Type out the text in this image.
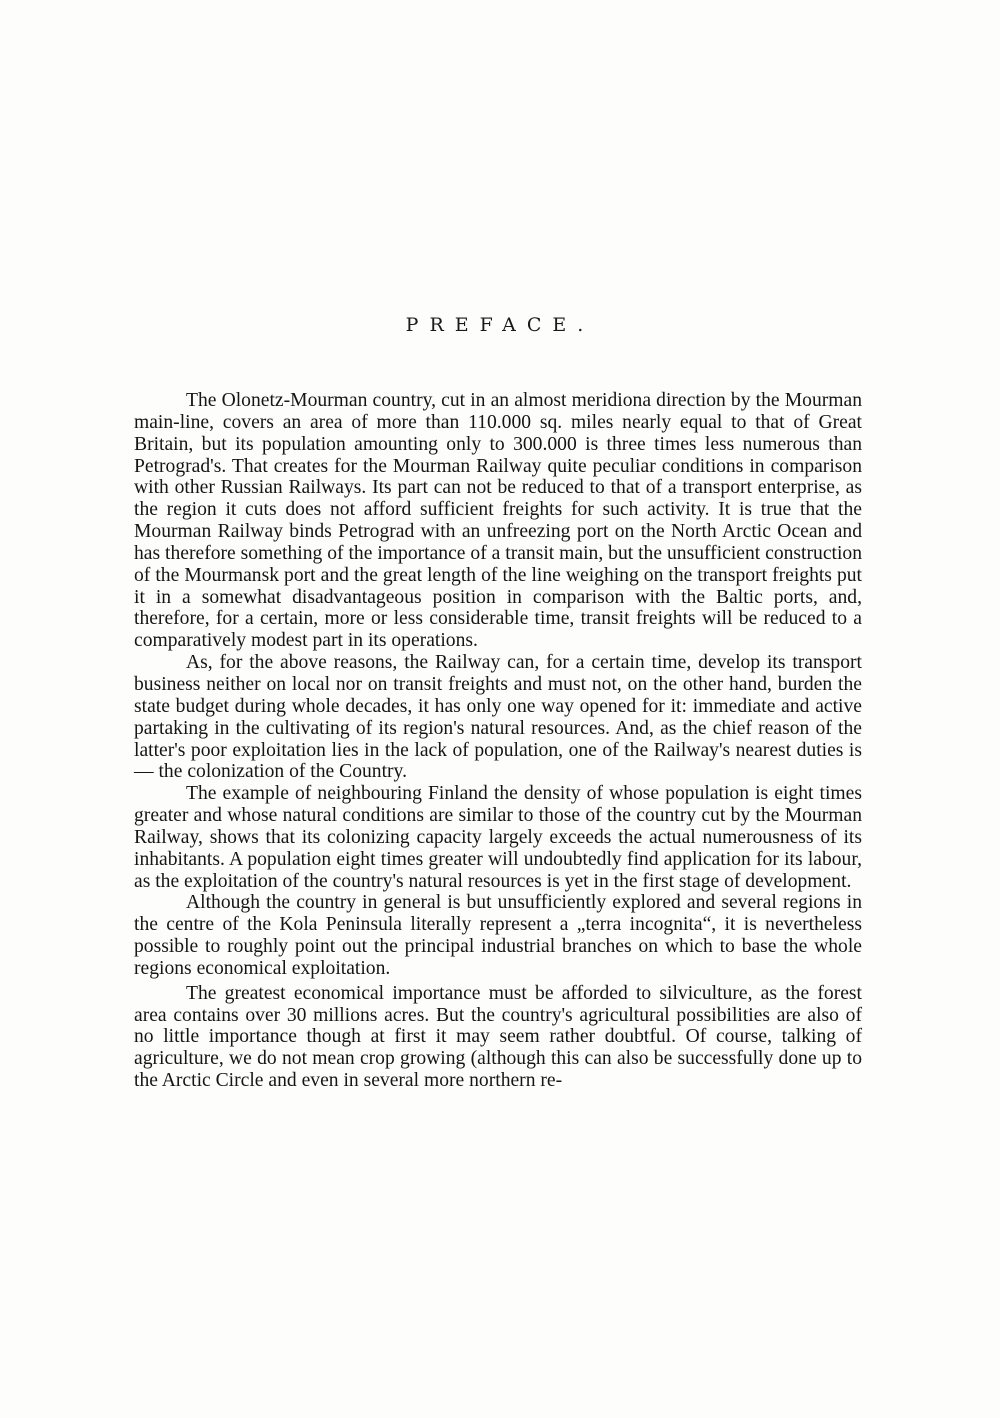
PREFACE.

The Olonetz-Mourman country, cut in an almost meridiona direction by the Mourman main-line, covers an area of more than 110.000 sq. miles nearly equal to that of Great Britain, but its population amounting only to 300.000 is three times less numerous than Petrograd's. That creates for the Mourman Railway quite peculiar conditions in comparison with other Russian Railways. Its part can not be reduced to that of a transport enterprise, as the region it cuts does not afford sufficient freights for such activity. It is true that the Mourman Railway binds Petrograd with an unfreezing port on the North Arctic Ocean and has therefore something of the importance of a transit main, but the unsufficient construction of the Mourmansk port and the great length of the line weighing on the transport freights put it in a somewhat disadvantageous position in comparison with the Baltic ports, and, therefore, for a certain, more or less considerable time, transit freights will be reduced to a comparatively modest part in its operations.

As, for the above reasons, the Railway can, for a certain time, develop its transport business neither on local nor on transit freights and must not, on the other hand, burden the state budget during whole decades, it has only one way opened for it: immediate and active partaking in the cultivating of its region's natural resources. And, as the chief reason of the latter's poor exploitation lies in the lack of population, one of the Railway's nearest duties is — the colonization of the Country.

The example of neighbouring Finland the density of whose population is eight times greater and whose natural conditions are similar to those of the country cut by the Mourman Railway, shows that its colonizing capacity largely exceeds the actual numerousness of its inhabitants. A population eight times greater will undoubtedly find application for its labour, as the exploitation of the country's natural resources is yet in the first stage of development.

Although the country in general is but unsufficiently explored and several regions in the centre of the Kola Peninsula literally represent a „terra incognita“, it is nevertheless possible to roughly point out the principal industrial branches on which to base the whole regions economical exploitation.

The greatest economical importance must be afforded to silviculture, as the forest area contains over 30 millions acres. But the country's agricultural possibilities are also of no little importance though at first it may seem rather doubtful. Of course, talking of agriculture, we do not mean crop growing (although this can also be successfully done up to the Arctic Circle and even in several more northern re-
